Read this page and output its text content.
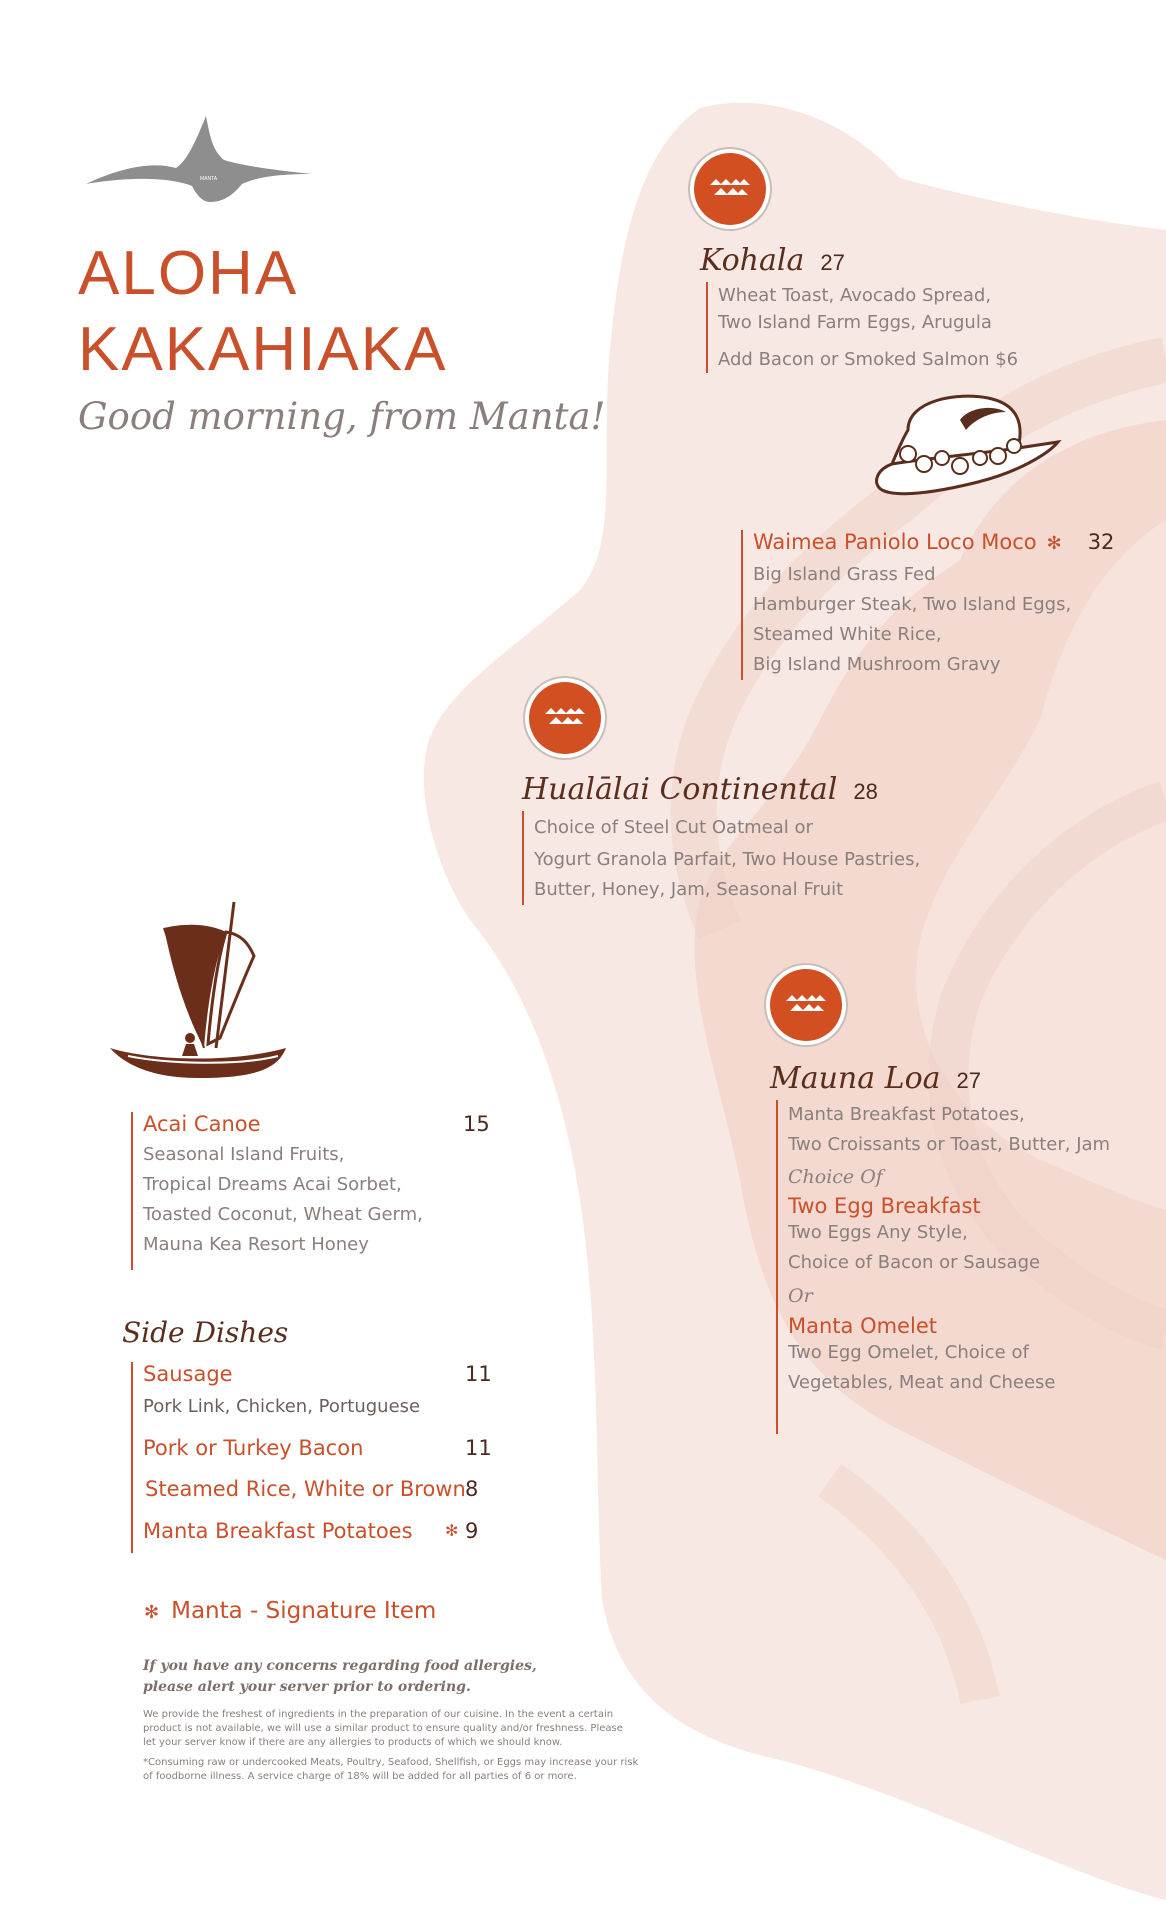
MANTA
ALOHA
KAKAHIAKA
Good morning, from Manta!
Kohala 27
Wheat Toast, Avocado Spread,
Two Island Farm Eggs, Arugula
Add Bacon or Smoked Salmon $6
Waimea Paniolo Loco Moco ✻ 32
Big Island Grass Fed
Hamburger Steak, Two Island Eggs,
Steamed White Rice,
Big Island Mushroom Gravy
Hualālai Continental 28
Choice of Steel Cut Oatmeal or
Yogurt Granola Parfait, Two House Pastries,
Butter, Honey, Jam, Seasonal Fruit
Mauna Loa 27
Manta Breakfast Potatoes,
Two Croissants or Toast, Butter, Jam
Choice Of
Two Egg Breakfast
Two Eggs Any Style,
Choice of Bacon or Sausage
Or
Manta Omelet
Two Egg Omelet, Choice of
Vegetables, Meat and Cheese
Acai Canoe	15
Seasonal Island Fruits,
Tropical Dreams Acai Sorbet,
Toasted Coconut, Wheat Germ,
Mauna Kea Resort Honey
Side Dishes
Sausage	11
Pork Link, Chicken, Portuguese
Pork or Turkey Bacon	11
Steamed Rice, White or Brown 8
Manta Breakfast Potatoes ✻ 9
✻ Manta - Signature Item
If you have any concerns regarding food allergies,
please alert your server prior to ordering.
We provide the freshest of ingredients in the preparation of our cuisine. In the event a certain
product is not available, we will use a similar product to ensure quality and/or freshness. Please
let your server know if there are any allergies to products of which we should know.
*Consuming raw or undercooked Meats, Poultry, Seafood, Shellfish, or Eggs may increase your risk
of foodborne illness. A service charge of 18% will be added for all parties of 6 or more.
